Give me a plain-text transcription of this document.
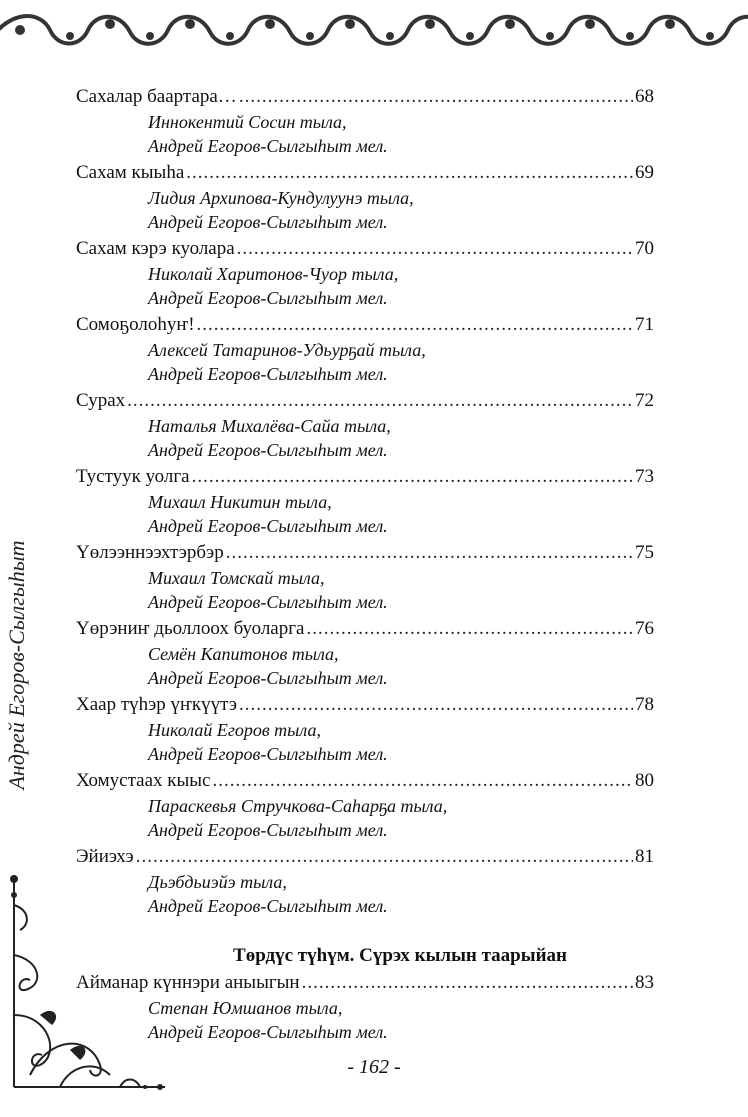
Андрей Егоров-Сылгыһыт
Сахалар баартара… .....	68
Иннокентий Сосин тыла,
Андрей Егоров-Сылгыһыт мел.
Сахам кыыһа .....	69
Лидия Архипова-Кундулуунэ тыла,
Андрей Егоров-Сылгыһыт мел.
Сахам кэрэ куолара .....	70
Николай Харитонов-Чуор тыла,
Андрей Егоров-Сылгыһыт мел.
Сомоҕолоһуҥ! .....	71
Алексей Татаринов-Удьурҕай тыла,
Андрей Егоров-Сылгыһыт мел.
Сурах .....	72
Наталья Михалёва-Сайа тыла,
Андрей Егоров-Сылгыһыт мел.
Тустуук уолга .....	73
Михаил Никитин тыла,
Андрей Егоров-Сылгыһыт мел.
Үөлээннээхтэрбэр .....	75
Михаил Томскай тыла,
Андрей Егоров-Сылгыһыт мел.
Үөрэниҥ дьоллоох буоларга .....	76
Семён Капитонов тыла,
Андрей Егоров-Сылгыһыт мел.
Хаар түһэр үҥкүүтэ .....	78
Николай Егоров тыла,
Андрей Егоров-Сылгыһыт мел.
Хомустаах кыыс .....	80
Параскевья Стручкова-Саһарҕа тыла,
Андрей Егоров-Сылгыһыт мел.
Эйиэхэ .....	81
Дьэбдьиэйэ тыла,
Андрей Егоров-Сылгыһыт мел.
Төрдүс түһүм. Сүрэх кылын таарыйан
Айманар күннэри аныыгын .....	83
Степан Юмшанов тыла,
Андрей Егоров-Сылгыһыт мел.
- 162 -
